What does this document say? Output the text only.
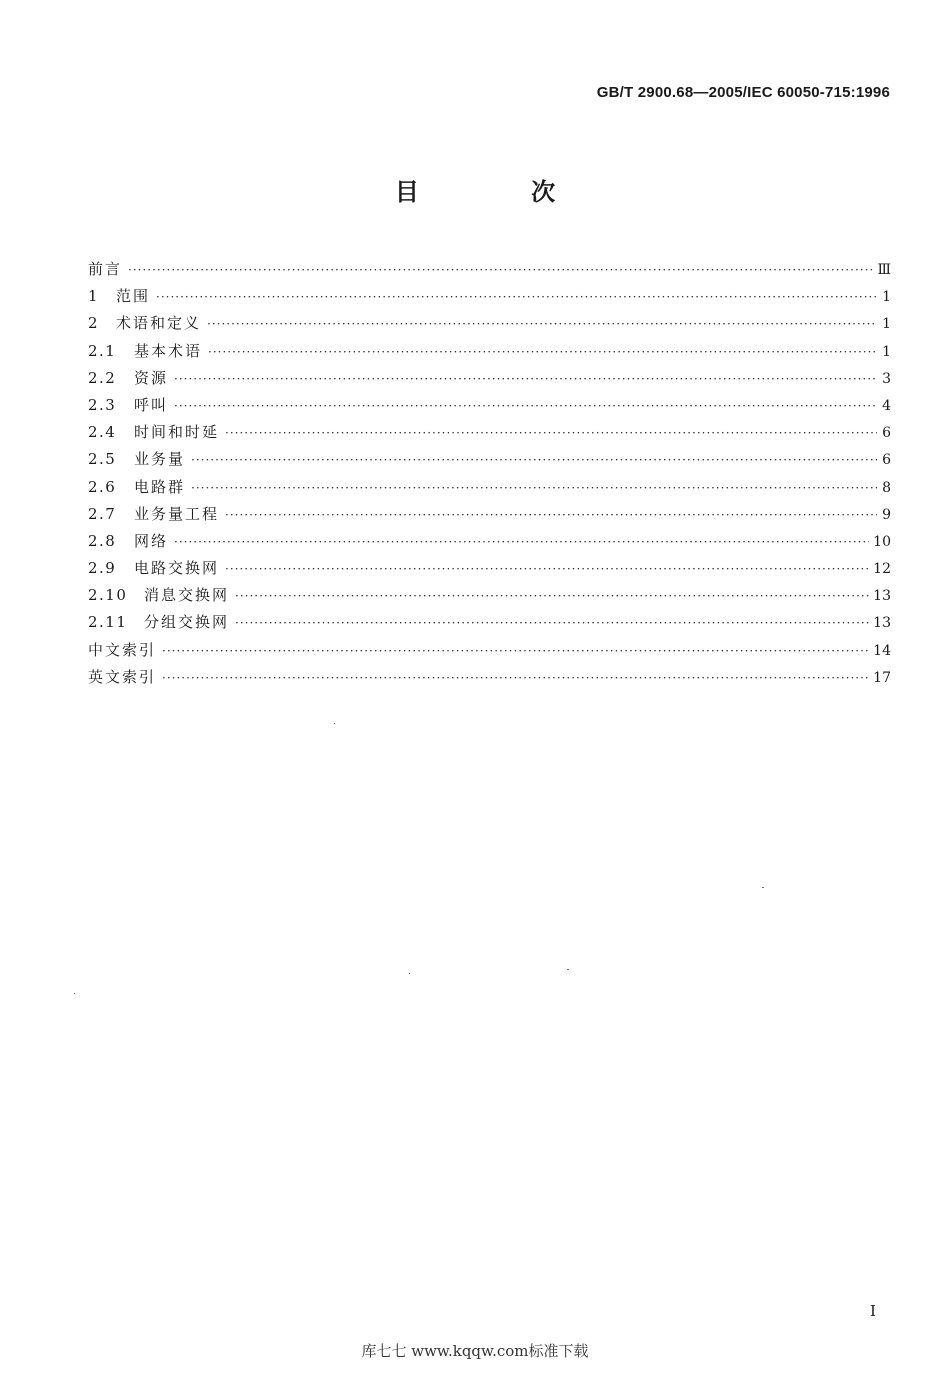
GB/T 2900.68—2005/IEC 60050-715:1996
目 次
前言 ·····	Ⅲ
1	范围 ·····	1
2	术语和定义 ·····	1
2.1	基本术语 ·····	1
2.2	资源 ·····	3
2.3	呼叫 ·····	4
2.4	时间和时延 ·····	6
2.5	业务量 ·····	6
2.6	电路群 ·····	8
2.7	业务量工程 ·····	9
2.8	网络 ·····	10
2.9	电路交换网 ·····	12
2.10	消息交换网 ·····	13
2.11	分组交换网 ·····	13
中文索引 ·····	14
英文索引 ·····	17
I
库七七 www.kqqw.com标准下载
